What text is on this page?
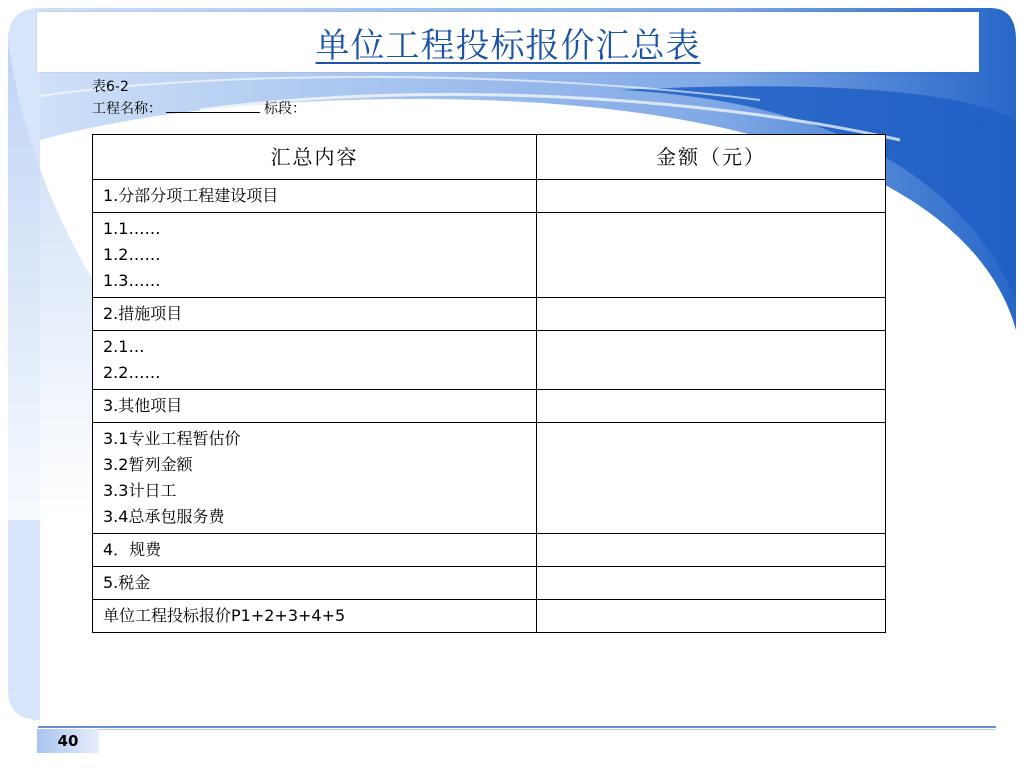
单位工程投标报价汇总表
表6-2
工程名称：	标段：
汇总内容	金额（元）

1.分部分项工程建设项目	

1.1……
1.2……
1.3……	

2.措施项目	

2.1…
2.2……	

3.其他项目	

3.1专业工程暂估价
3.2暂列金额
3.3计日工
3.4总承包服务费	

4．规费	

5.税金	

单位工程投标报价P1+2+3+4+5	

40
